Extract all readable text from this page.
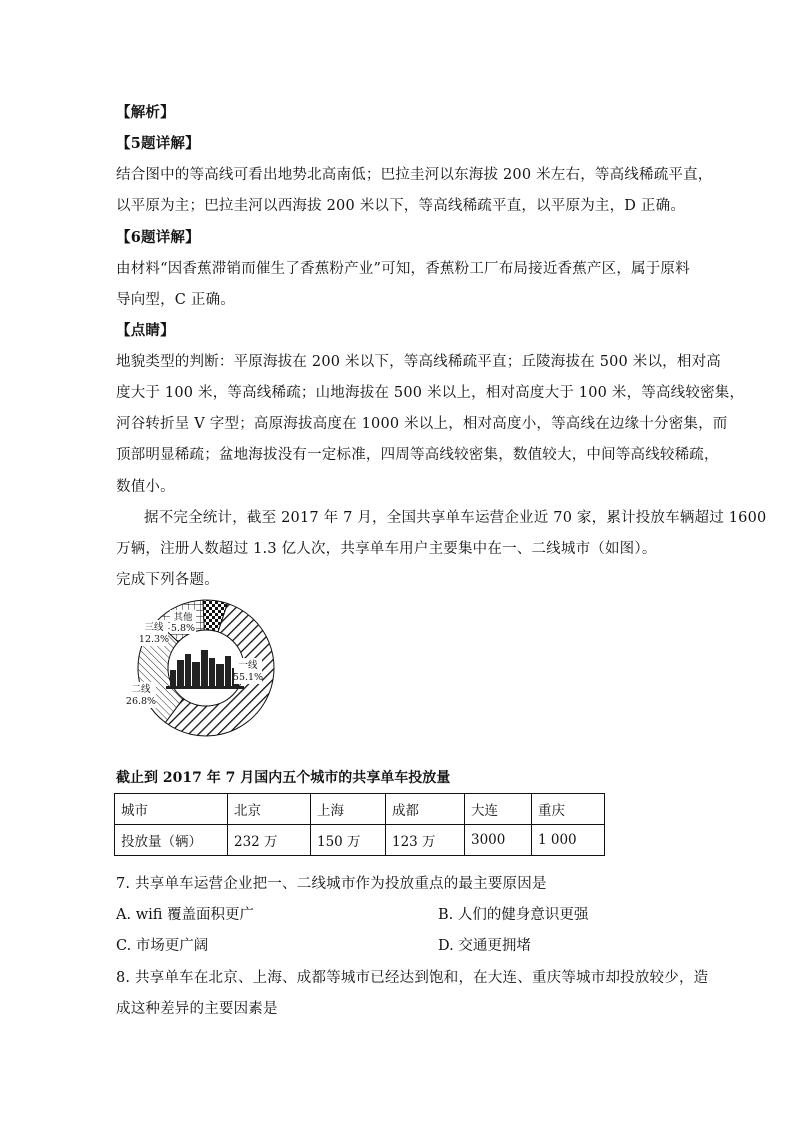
【解析】
【5题详解】
结合图中的等高线可看出地势北高南低；巴拉圭河以东海拔 200 米左右，等高线稀疏平直，
以平原为主；巴拉圭河以西海拔 200 米以下，等高线稀疏平直，以平原为主，D 正确。
【6题详解】
由材料“因香蕉滞销而催生了香蕉粉产业”可知，香蕉粉工厂布局接近香蕉产区，属于原料
导向型，C 正确。
【点睛】
地貌类型的判断：平原海拔在 200 米以下，等高线稀疏平直；丘陵海拔在 500 米以，相对高
度大于 100 米，等高线稀疏；山地海拔在 500 米以上，相对高度大于 100 米，等高线较密集，
河谷转折呈 V 字型；高原海拔高度在 1000 米以上，相对高度小，等高线在边缘十分密集，而
顶部明显稀疏；盆地海拔没有一定标准，四周等高线较密集，数值较大，中间等高线较稀疏，
数值小。
据不完全统计，截至 2017 年 7 月，全国共享单车运营企业近 70 家，累计投放车辆超过 1600
万辆，注册人数超过 1.3 亿人次，共享单车用户主要集中在一、二线城市（如图）。
完成下列各题。
一线
55.1%
二线
26.8%
三线
12.3%
其他
5.8%
截止到 2017 年 7 月国内五个城市的共享单车投放量
城市	北京	上海	成都	大连	重庆
投放量（辆）	232 万	150 万	123 万	3000	1 000
7. 共享单车运营企业把一、二线城市作为投放重点的最主要原因是
A. wifi 覆盖面积更广	B. 人们的健身意识更强
C. 市场更广阔	D. 交通更拥堵
8. 共享单车在北京、上海、成都等城市已经达到饱和，在大连、重庆等城市却投放较少，造
成这种差异的主要因素是
